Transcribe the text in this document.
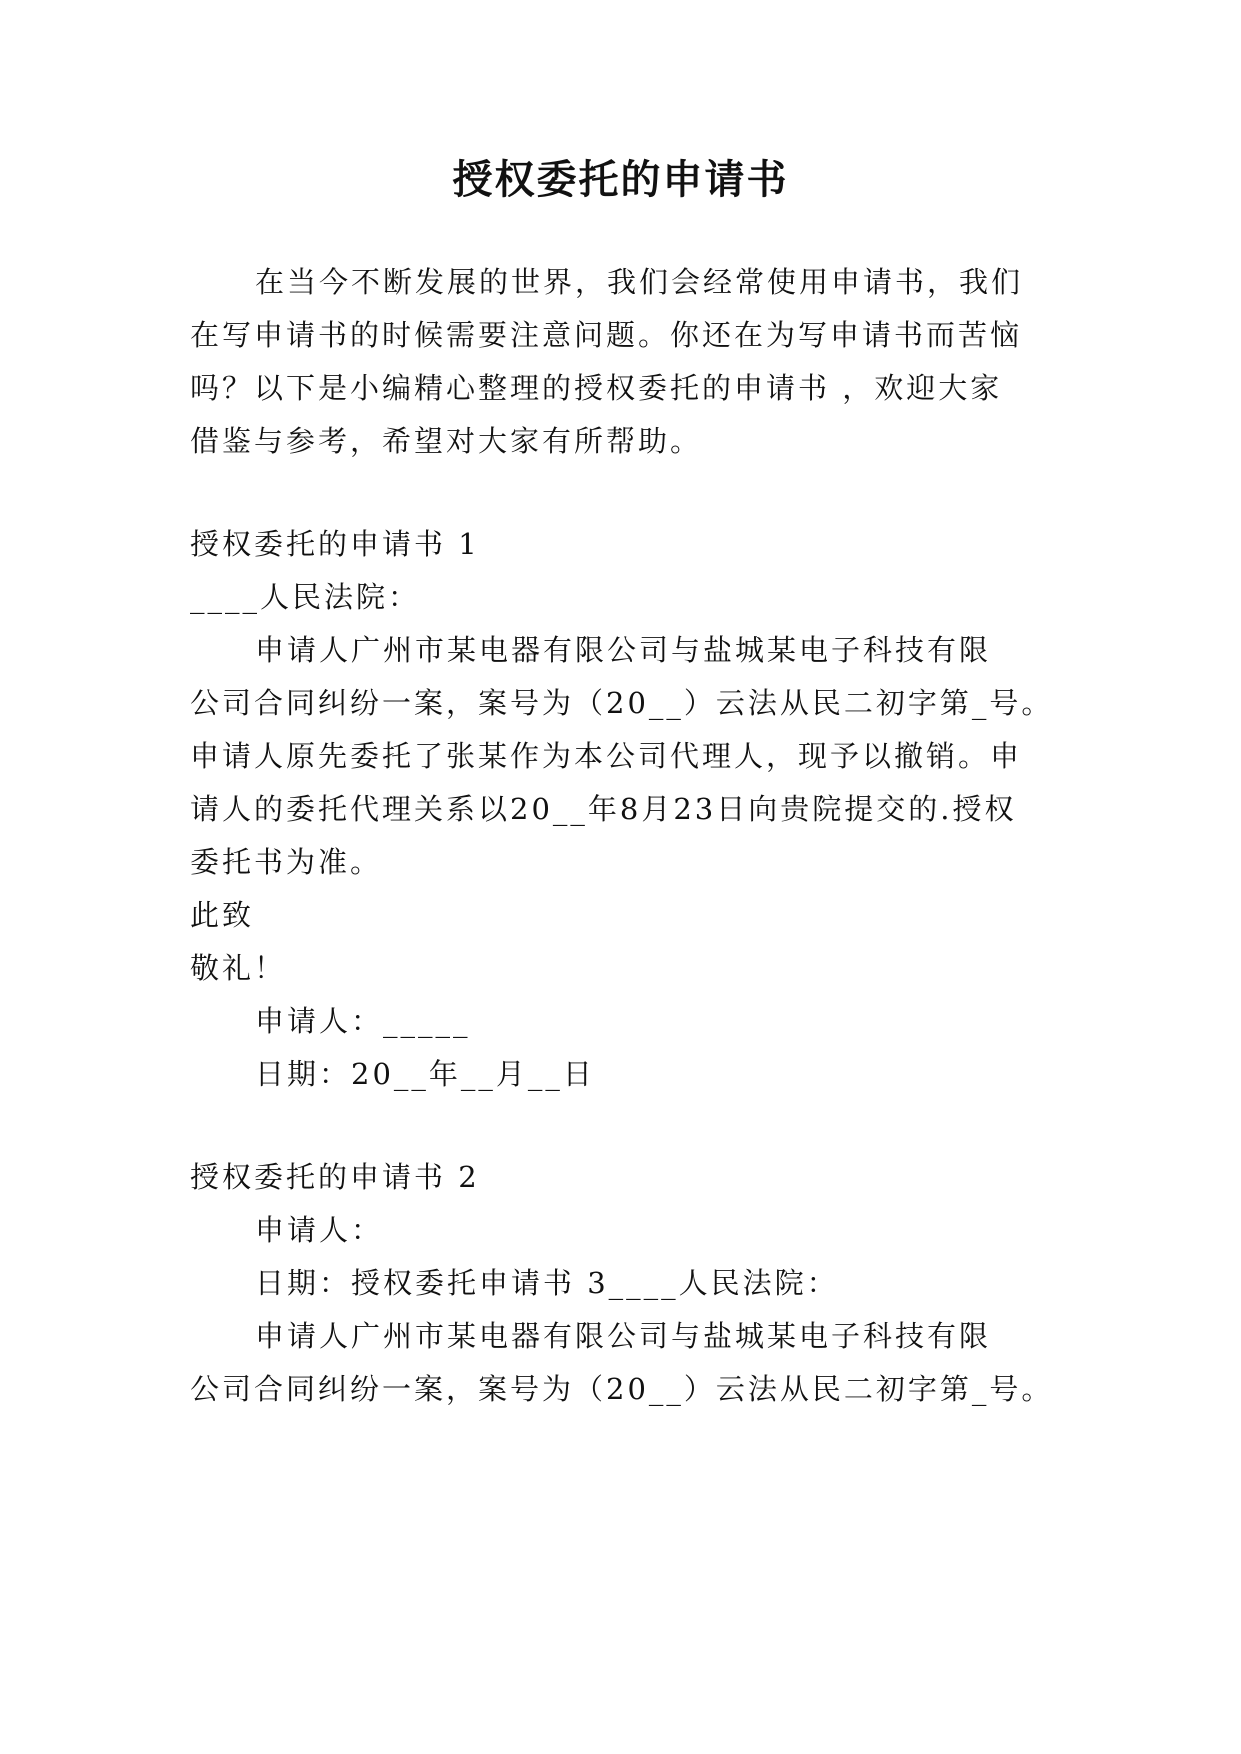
授权委托的申请书
在当今不断发展的世界，我们会经常使用申请书，我们
在写申请书的时候需要注意问题。你还在为写申请书而苦恼
吗？以下是小编精心整理的授权委托的申请书 ，欢迎大家
借鉴与参考，希望对大家有所帮助。
授权委托的申请书 1
____人民法院：
申请人广州市某电器有限公司与盐城某电子科技有限
公司合同纠纷一案，案号为（20__）云法从民二初字第_号。
申请人原先委托了张某作为本公司代理人，现予以撤销。申
请人的委托代理关系以20__年8月23日向贵院提交的.授权
委托书为准。
此致
敬礼！
申请人：_____
日期：20__年__月__日
授权委托的申请书 2
申请人：
日期：授权委托申请书 3____人民法院：
申请人广州市某电器有限公司与盐城某电子科技有限
公司合同纠纷一案，案号为（20__）云法从民二初字第_号。
